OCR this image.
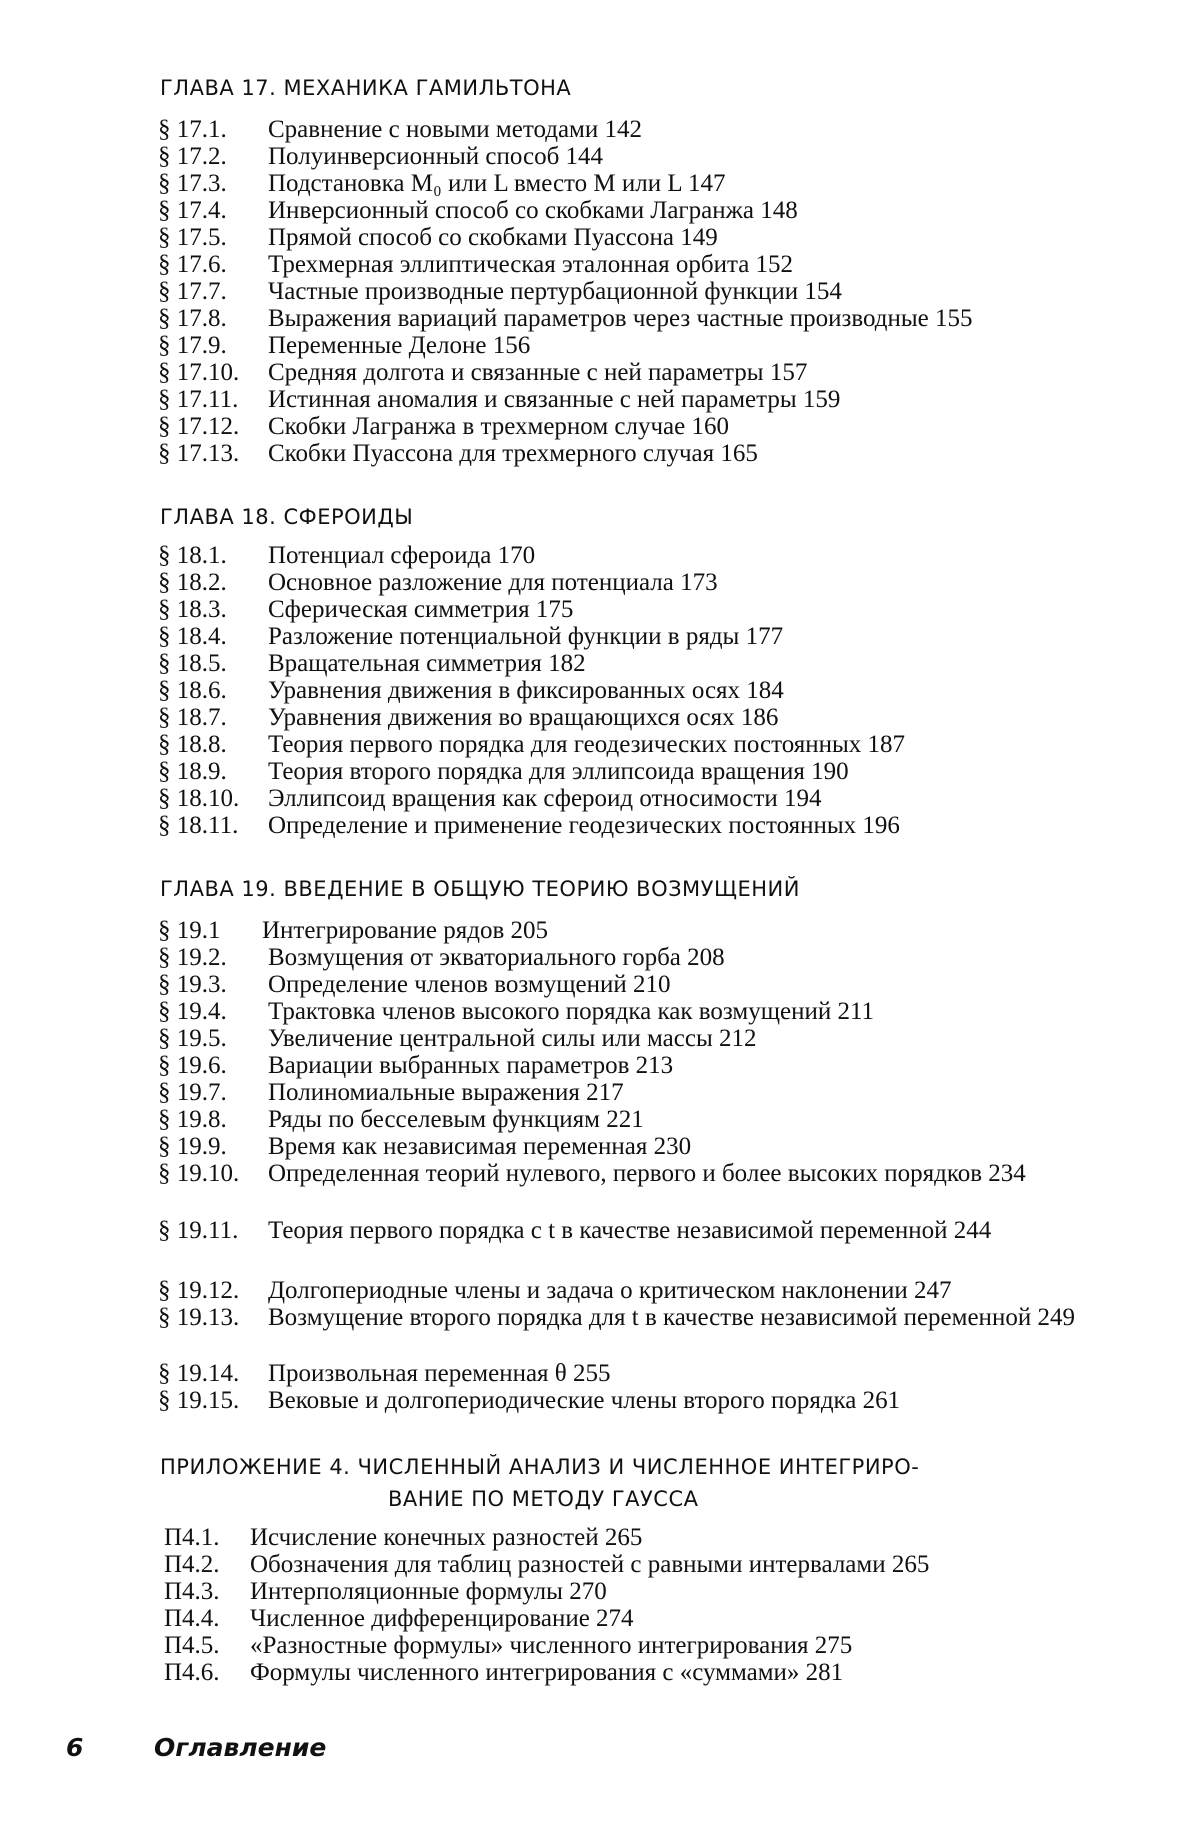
ГЛАВА 17. МЕХАНИКА ГАМИЛЬТОНА
§ 17.1. Сравнение с новыми методами 142
§ 17.2. Полуинверсионный способ 144
§ 17.3. Подстановка M₀ или L вместо M или L 147
§ 17.4. Инверсионный способ со скобками Лагранжа 148
§ 17.5. Прямой способ со скобками Пуассона 149
§ 17.6. Трехмерная эллиптическая эталонная орбита 152
§ 17.7. Частные производные пертурбационной функции 154
§ 17.8. Выражения вариаций параметров через частные производные 155
§ 17.9. Переменные Делоне 156
§ 17.10. Средняя долгота и связанные с ней параметры 157
§ 17.11. Истинная аномалия и связанные с ней параметры 159
§ 17.12. Скобки Лагранжа в трехмерном случае 160
§ 17.13. Скобки Пуассона для трехмерного случая 165
ГЛАВА 18. СФЕРОИДЫ
§ 18.1. Потенциал сфероида 170
§ 18.2. Основное разложение для потенциала 173
§ 18.3. Сферическая симметрия 175
§ 18.4. Разложение потенциальной функции в ряды 177
§ 18.5. Вращательная симметрия 182
§ 18.6. Уравнения движения в фиксированных осях 184
§ 18.7. Уравнения движения во вращающихся осях 186
§ 18.8. Теория первого порядка для геодезических постоянных 187
§ 18.9. Теория второго порядка для эллипсоида вращения 190
§ 18.10. Эллипсоид вращения как сфероид относимости 194
§ 18.11. Определение и применение геодезических постоянных 196
ГЛАВА 19. ВВЕДЕНИЕ В ОБЩУЮ ТЕОРИЮ ВОЗМУЩЕНИЙ
§ 19.1 Интегрирование рядов 205
§ 19.2. Возмущения от экваториального горба 208
§ 19.3. Определение членов возмущений 210
§ 19.4. Трактовка членов высокого порядка как возмущений 211
§ 19.5. Увеличение центральной силы или массы 212
§ 19.6. Вариации выбранных параметров 213
§ 19.7. Полиномиальные выражения 217
§ 19.8. Ряды по бесселевым функциям 221
§ 19.9. Время как независимая переменная 230
§ 19.10. Определенная теорий нулевого, первого и более высоких порядков 234
§ 19.11. Теория первого порядка с t в качестве независимой переменной 244
§ 19.12. Долгопериодные члены и задача о критическом наклонении 247
§ 19.13. Возмущение второго порядка для t в качестве независимой переменной 249
§ 19.14. Произвольная переменная θ 255
§ 19.15. Вековые и долгопериодические члены второго порядка 261
ПРИЛОЖЕНИЕ 4. ЧИСЛЕННЫЙ АНАЛИЗ И ЧИСЛЕННОЕ ИНТЕГРИРО-
ВАНИЕ ПО МЕТОДУ ГАУССА
П4.1. Исчисление конечных разностей 265
П4.2. Обозначения для таблиц разностей с равными интервалами 265
П4.3. Интерполяционные формулы 270
П4.4. Численное дифференцирование 274
П4.5. «Разностные формулы» численного интегрирования 275
П4.6. Формулы численного интегрирования с «суммами» 281
6	Оглавление
